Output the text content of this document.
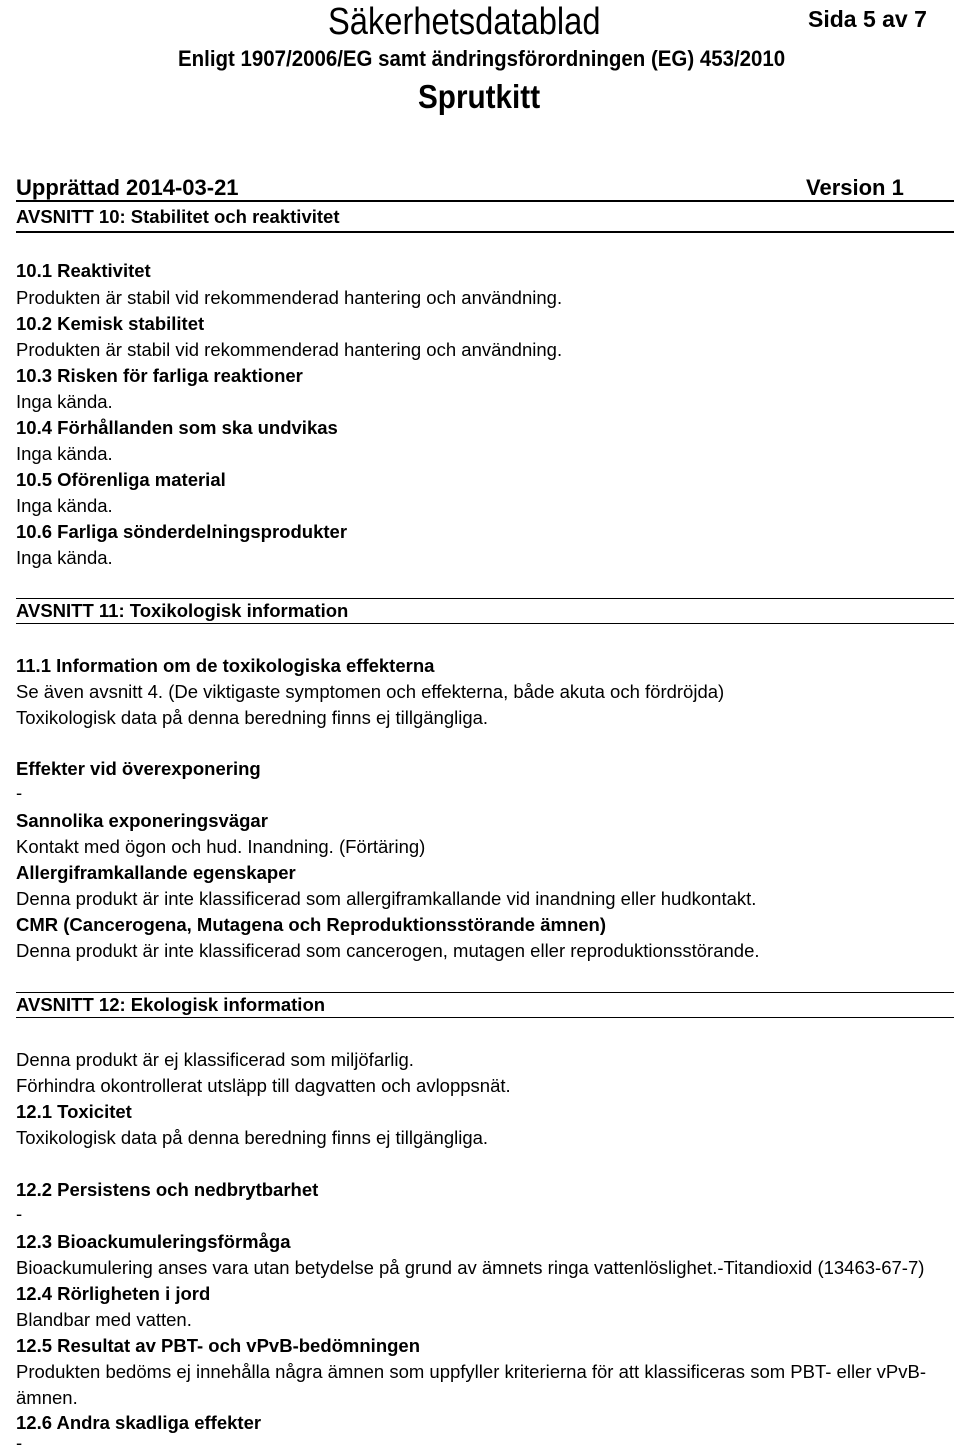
Säkerhetsdatablad	Sida 5 av 7
Enligt 1907/2006/EG samt ändringsförordningen (EG) 453/2010
Sprutkitt
Upprättad 2014-03-21	Version 1
AVSNITT 10: Stabilitet och reaktivitet
10.1 Reaktivitet
Produkten är stabil vid rekommenderad hantering och användning.
10.2 Kemisk stabilitet
Produkten är stabil vid rekommenderad hantering och användning.
10.3 Risken för farliga reaktioner
Inga kända.
10.4 Förhållanden som ska undvikas
Inga kända.
10.5 Oförenliga material
Inga kända.
10.6 Farliga sönderdelningsprodukter
Inga kända.
AVSNITT 11: Toxikologisk information
11.1 Information om de toxikologiska effekterna
Se även avsnitt 4. (De viktigaste symptomen och effekterna, både akuta och fördröjda)
Toxikologisk data på denna beredning finns ej tillgängliga.
Effekter vid överexponering
-
Sannolika exponeringsvägar
Kontakt med ögon och hud. Inandning. (Förtäring)
Allergiframkallande egenskaper
Denna produkt är inte klassificerad som allergiframkallande vid inandning eller hudkontakt.
CMR (Cancerogena, Mutagena och Reproduktionsstörande ämnen)
Denna produkt är inte klassificerad som cancerogen, mutagen eller reproduktionsstörande.
AVSNITT 12: Ekologisk information
Denna produkt är ej klassificerad som miljöfarlig.
Förhindra okontrollerat utsläpp till dagvatten och avloppsnät.
12.1 Toxicitet
Toxikologisk data på denna beredning finns ej tillgängliga.
12.2 Persistens och nedbrytbarhet
-
12.3 Bioackumuleringsförmåga
Bioackumulering anses vara utan betydelse på grund av ämnets ringa vattenlöslighet.-Titandioxid (13463-67-7)
12.4 Rörligheten i jord
Blandbar med vatten.
12.5 Resultat av PBT- och vPvB-bedömningen
Produkten bedöms ej innehålla några ämnen som uppfyller kriterierna för att klassificeras som PBT- eller vPvB-
ämnen.
12.6 Andra skadliga effekter
-
